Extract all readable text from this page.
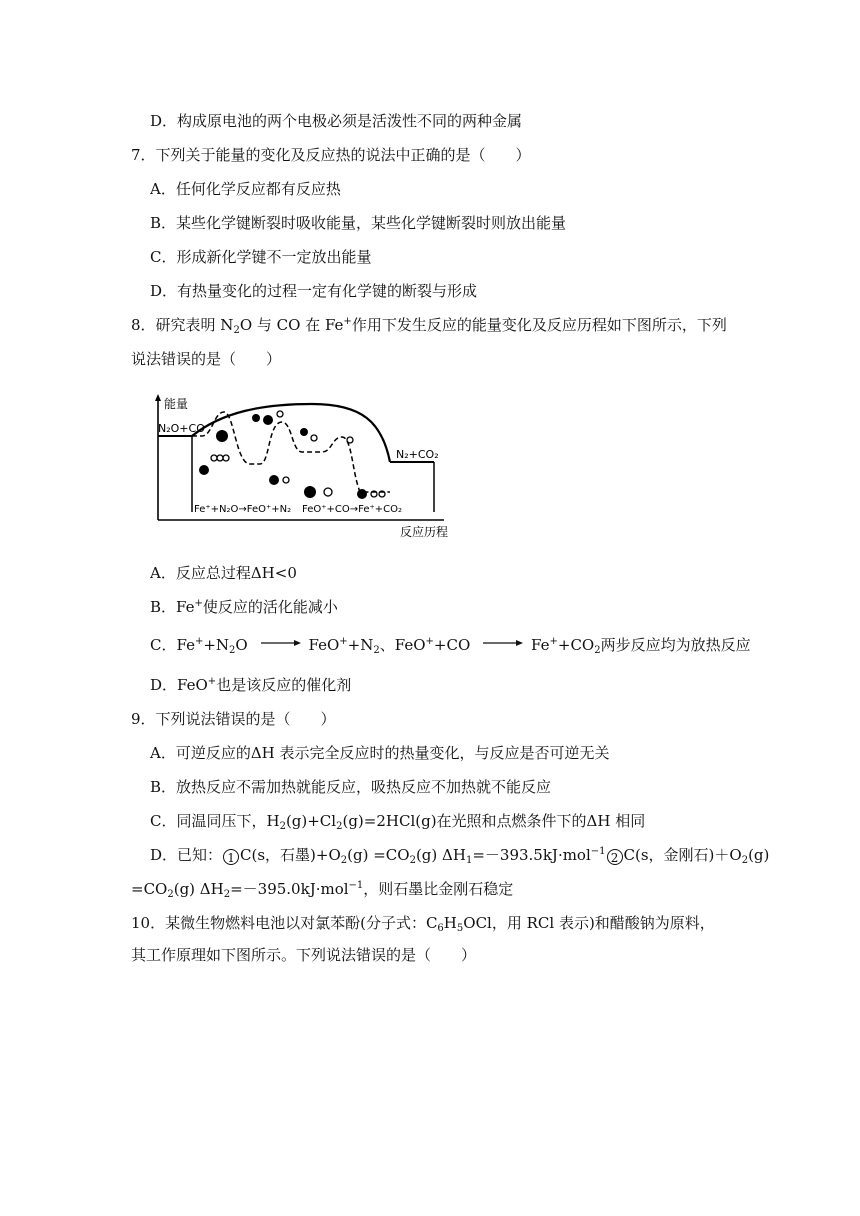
D．构成原电池的两个电极必须是活泼性不同的两种金属
7．下列关于能量的变化及反应热的说法中正确的是（　　）
A．任何化学反应都有反应热
B．某些化学键断裂时吸收能量，某些化学键断裂时则放出能量
C．形成新化学键不一定放出能量
D．有热量变化的过程一定有化学键的断裂与形成
8．研究表明 $N_2O$ 与 CO 在 Fe+作用下发生反应的能量变化及反应历程如下图所示，下列
说法错误的是（　　）
能量
反应历程
N₂O+CO
N₂+CO₂
Fe⁺+N₂O→FeO⁺+N₂ FeO⁺+CO→Fe⁺+CO₂
A．反应总过程ΔH<0
B．Fe+使反应的活化能减小
C．$Fe^++N_2O \to FeO^++N_2$、$FeO^++CO \to Fe^++CO_2$两步反应均为放热反应
D．FeO+也是该反应的催化剂
9．下列说法错误的是（　　）
A．可逆反应的ΔH 表示完全反应时的热量变化，与反应是否可逆无关
B．放热反应不需加热就能反应，吸热反应不加热就不能反应
C．同温同压下，$H_2(g)+Cl_2(g)=2HCl(g)$在光照和点燃条件下的ΔH 相同
D．已知： 1 C(s，石墨)$+O_2(g) =CO_2(g)$ $\Delta H_1=-393.5kJ\cdot mol^{-1}$ 2 C(s，金刚石)$+O_2(g)$
$=CO_2(g)$ $\Delta H_2=-395.0kJ\cdot mol^{-1}$，则石墨比金刚石稳定
10．某微生物燃料电池以对氯苯酚(分子式：$C_6H_5OCl$，用 RCl 表示)和醋酸钠为原料，
其工作原理如下图所示。下列说法错误的是（　　）
